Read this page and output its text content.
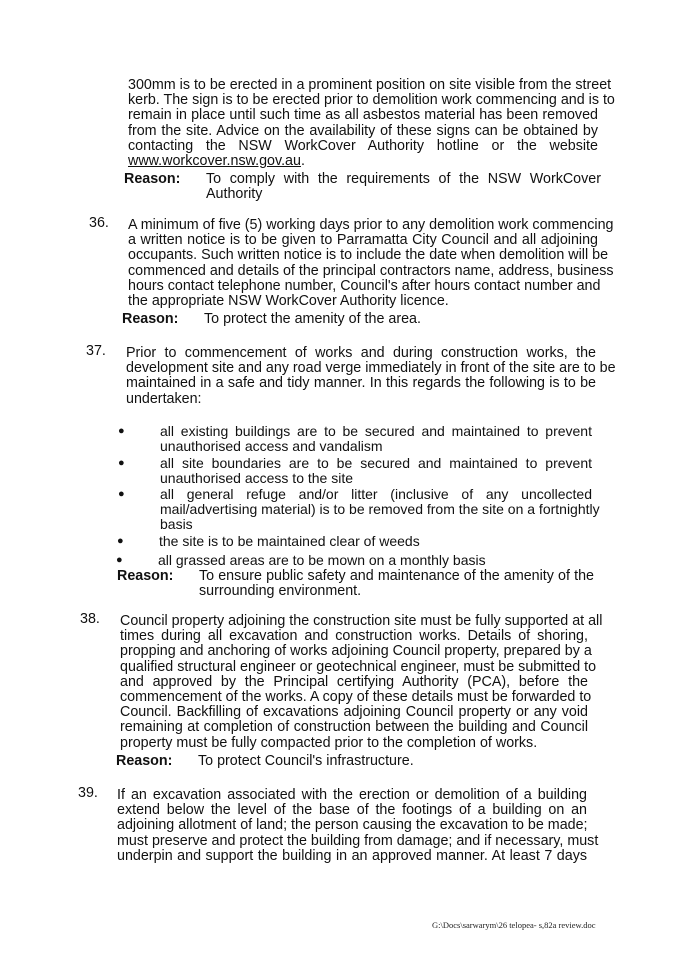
300mm is to be erected in a prominent position on site visible from the street
kerb. The sign is to be erected prior to demolition work commencing and is to
remain in place until such time as all asbestos material has been removed
from the site. Advice on the availability of these signs can be obtained by
contacting the NSW WorkCover Authority hotline or the website
www.workcover.nsw.gov.au.
Reason: To comply with the requirements of the NSW WorkCover
Authority
36. A minimum of five (5) working days prior to any demolition work commencing
a written notice is to be given to Parramatta City Council and all adjoining
occupants. Such written notice is to include the date when demolition will be
commenced and details of the principal contractors name, address, business
hours contact telephone number, Council's after hours contact number and
the appropriate NSW WorkCover Authority licence.
Reason: To protect the amenity of the area.
37. Prior to commencement of works and during construction works, the
development site and any road verge immediately in front of the site are to be
maintained in a safe and tidy manner. In this regards the following is to be
undertaken:
●	all existing buildings are to be secured and maintained to prevent
unauthorised access and vandalism
●	all site boundaries are to be secured and maintained to prevent
unauthorised access to the site
●	all general refuge and/or litter (inclusive of any uncollected
mail/advertising material) is to be removed from the site on a fortnightly
basis
●	the site is to be maintained clear of weeds
●	all grassed areas are to be mown on a monthly basis
Reason: To ensure public safety and maintenance of the amenity of the
surrounding environment.
38. Council property adjoining the construction site must be fully supported at all
times during all excavation and construction works. Details of shoring,
propping and anchoring of works adjoining Council property, prepared by a
qualified structural engineer or geotechnical engineer, must be submitted to
and approved by the Principal certifying Authority (PCA), before the
commencement of the works. A copy of these details must be forwarded to
Council. Backfilling of excavations adjoining Council property or any void
remaining at completion of construction between the building and Council
property must be fully compacted prior to the completion of works.
Reason: To protect Council's infrastructure.
39. If an excavation associated with the erection or demolition of a building
extend below the level of the base of the footings of a building on an
adjoining allotment of land; the person causing the excavation to be made;
must preserve and protect the building from damage; and if necessary, must
underpin and support the building in an approved manner. At least 7 days
G:\Docs\sarwarym\26 telopea- s,82a review.doc
